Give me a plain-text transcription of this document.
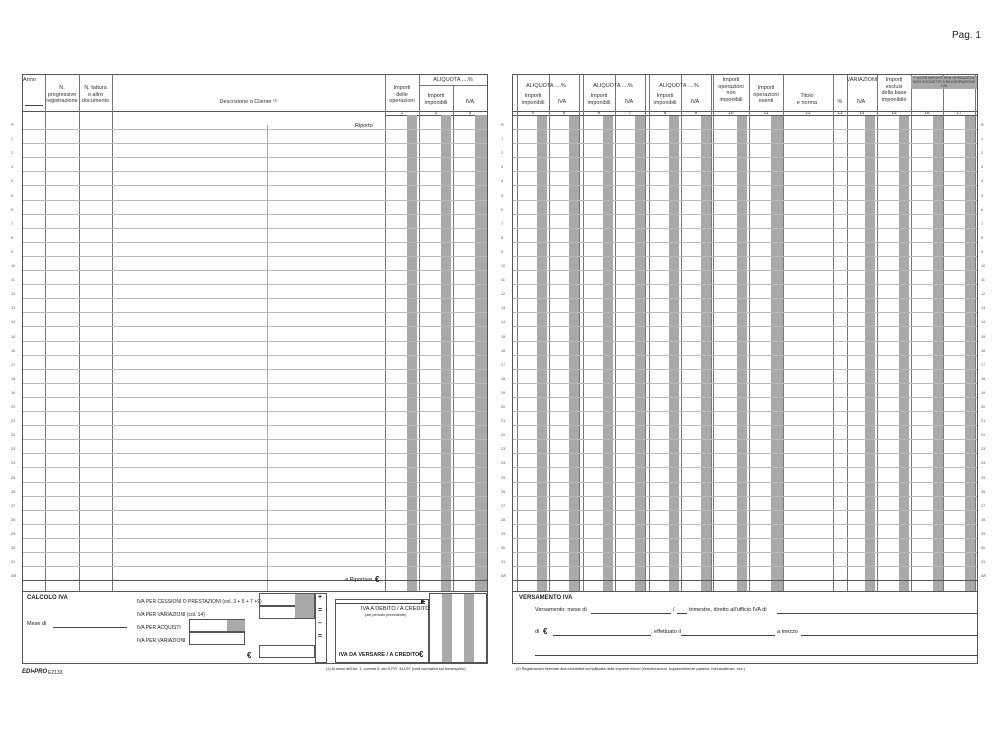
Pag. 1
Anno
N.
progressivo
registrazione
N. fattura
o altro
documento	Descrizione o Cliente ⁽¹⁾
Importi
delle
operazioni
ALIQUOTA ....%
Importi
imponibili	IVA
1	2	3
R
1
2
3
4
5
6
7
8
9
10
11
12
13
14
15
16
17
18
19
20
21
22
23
24
25
26
27
28
29
30
31
AR
Riporto
a Riportare €
CALCOLO IVA
Mese di
IVA PER CESSIONI O PRESTAZIONI (col. 3 + 5 + 7 +9)
IVA PER VARIAZIONI (col. 14)
IVA PER ACQUISTI
IVA PER VARIAZIONI
+
=
–
=
€
IVA A DEBITO / A CREDITO
(del periodo precedente)
▶
IVA DA VERSARE / A CREDITO €
(1) Ai sensi dell'Art. 1, comma 5, del D.P.R. 441/97 (vedi normativa sul frontespizio)
EDI•PRO E2133
4	5	6	7	8	9	10	11	12	13	14	15	16	17
R	R
1	1
2	2
3	3
4	4
5	5
6	6
7	7
8	8
9	9
10	10
11	11
12	12
13	13
14	14
15	15
16	16
17	17
18	18
19	19
20	20
21	21
22	22
23	23
24	24
25	25
26	26
27	27
28	28
29	29
30	30
31	31
AR	AR
ALIQUOTA ....%
Importi
imponibili	IVA
ALIQUOTA ....%
Importi
imponibili	IVA
ALIQUOTA ....%
Importi
imponibili	IVA
Importi
operazioni
non
imponibili
Importi
operazioni
esenti
Titolo
e norma
VARIAZIONI
%	IVA
Importi
esclusi
della base
imponibile
⁽²⁾ ALTRI IMPORTI PER OPERAZIONI
NON SOGGETTE A REGISTRAZIONE IVA
VERSAMENTO IVA
Versamento: mese di	/	trimestre, diretto all'ufficio IVA di
di €	, effettuato il	a mezzo
(2) Registrazioni riservate alla contabilità semplificata delle imprese minori (ristrutturazioni, sopravvenienze passive, minusvalenze, ecc.)
